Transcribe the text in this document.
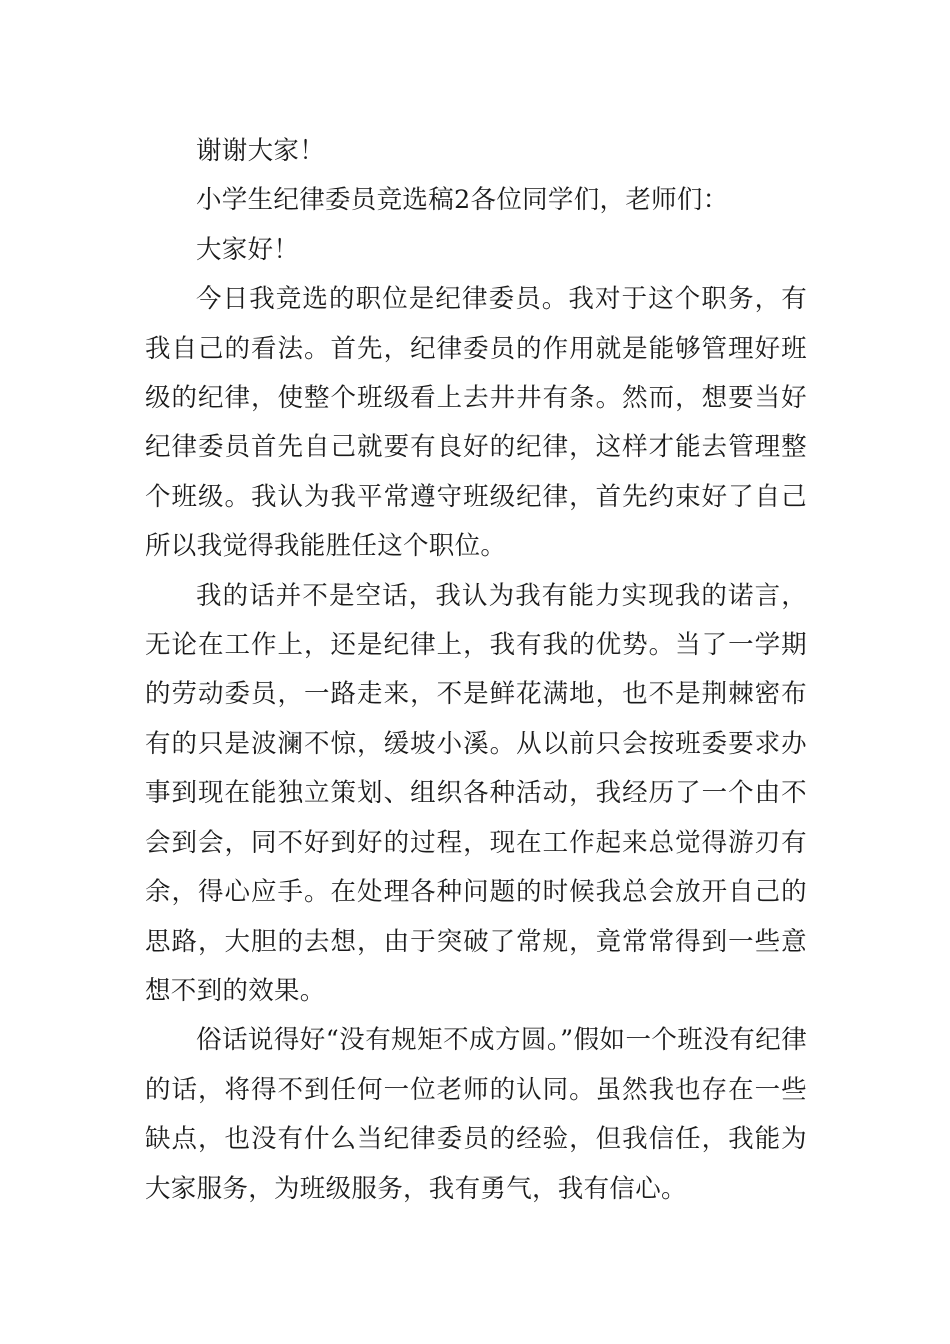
谢谢大家！

小学生纪律委员竞选稿2各位同学们，老师们：

大家好！

今日我竞选的职位是纪律委员。我对于这个职务，有我自己的看法。首先，纪律委员的作用就是能够管理好班级的纪律，使整个班级看上去井井有条。然而，想要当好纪律委员首先自己就要有良好的纪律，这样才能去管理整个班级。我认为我平常遵守班级纪律，首先约束好了自己所以我觉得我能胜任这个职位。

我的话并不是空话，我认为我有能力实现我的诺言，无论在工作上，还是纪律上，我有我的优势。当了一学期的劳动委员，一路走来，不是鲜花满地，也不是荆棘密布有的只是波澜不惊，缓坡小溪。从以前只会按班委要求办事到现在能独立策划、组织各种活动，我经历了一个由不会到会，同不好到好的过程，现在工作起来总觉得游刃有余，得心应手。在处理各种问题的时候我总会放开自己的思路，大胆的去想，由于突破了常规，竟常常得到一些意想不到的效果。

俗话说得好“没有规矩不成方圆。”假如一个班没有纪律的话，将得不到任何一位老师的认同。虽然我也存在一些缺点，也没有什么当纪律委员的经验，但我信任，我能为大家服务，为班级服务，我有勇气，我有信心。
